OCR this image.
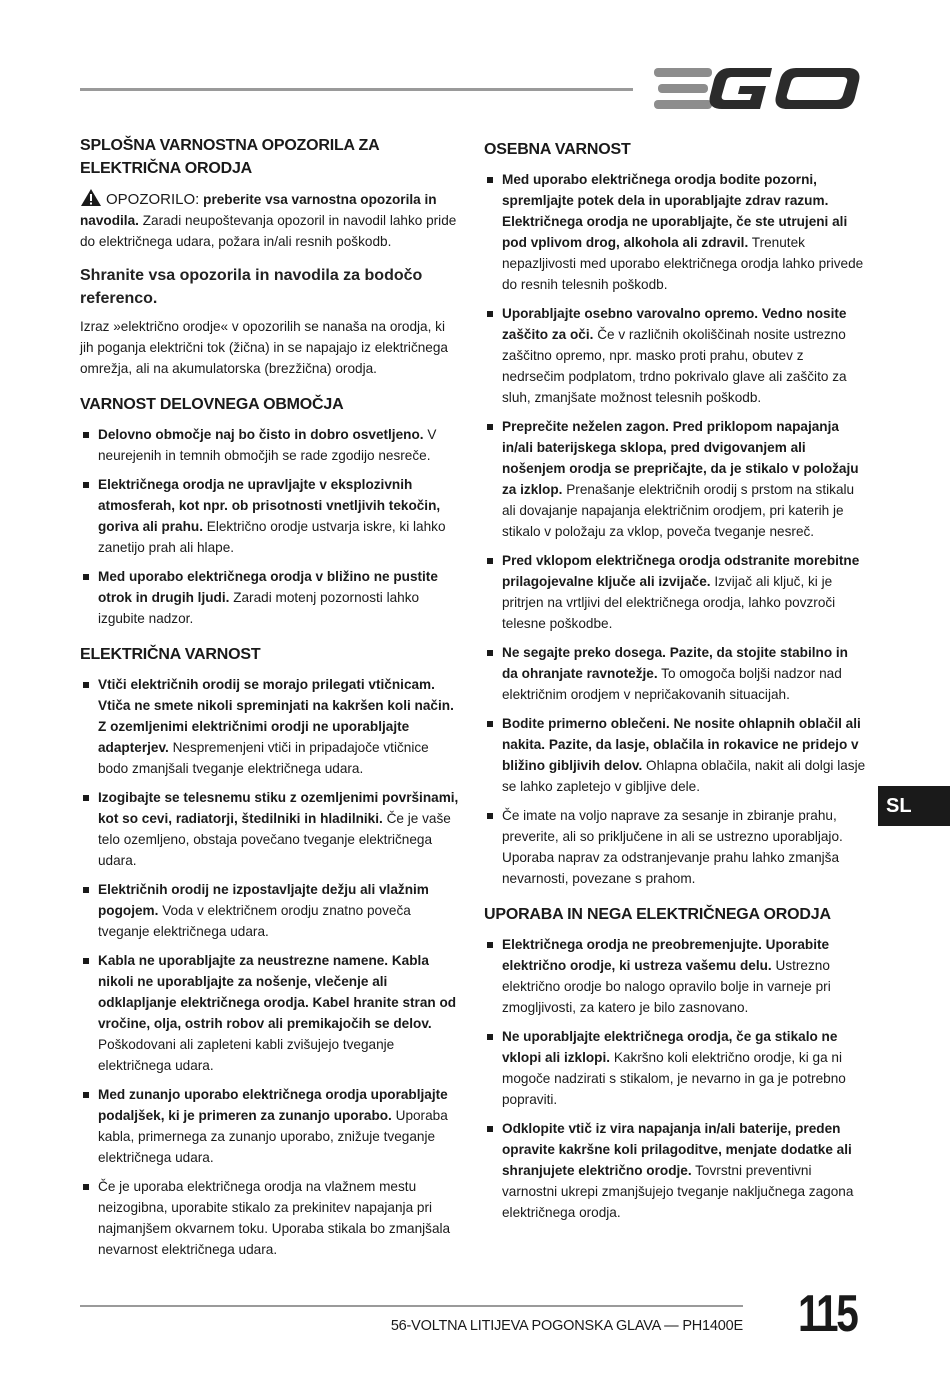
SPLOŠNA VARNOSTNA OPOZORILA ZA ELEKTRIČNA ORODJA

OPOZORILO: preberite vsa varnostna opozorila in navodila. Zaradi neupoštevanja opozoril in navodil lahko pride do električnega udara, požara in/ali resnih poškodb.

Shranite vsa opozorila in navodila za bodočo referenco.

Izraz »električno orodje« v opozorilih se nanaša na orodja, ki jih poganja električni tok (žična) in se napajajo iz električnega omrežja, ali na akumulatorska (brezžična) orodja.

VARNOST DELOVNEGA OBMOČJA
Delovno območje naj bo čisto in dobro osvetljeno. V neurejenih in temnih območjih se rade zgodijo nesreče.
Električnega orodja ne upravljajte v eksplozivnih atmosferah, kot npr. ob prisotnosti vnetljivih tekočin, goriva ali prahu. Električno orodje ustvarja iskre, ki lahko zanetijo prah ali hlape.
Med uporabo električnega orodja v bližino ne pustite otrok in drugih ljudi. Zaradi motenj pozornosti lahko izgubite nadzor.
ELEKTRIČNA VARNOST
Vtiči električnih orodij se morajo prilegati vtičnicam. Vtiča ne smete nikoli spreminjati na kakršen koli način. Z ozemljenimi električnimi orodji ne uporabljajte adapterjev. Nespremenjeni vtiči in pripadajoče vtičnice bodo zmanjšali tveganje električnega udara.
Izogibajte se telesnemu stiku z ozemljenimi površinami, kot so cevi, radiatorji, štedilniki in hladilniki. Če je vaše telo ozemljeno, obstaja povečano tveganje električnega udara.
Električnih orodij ne izpostavljajte dežju ali vlažnim pogojem. Voda v električnem orodju znatno poveča tveganje električnega udara.
Kabla ne uporabljajte za neustrezne namene. Kabla nikoli ne uporabljajte za nošenje, vlečenje ali odklapljanje električnega orodja. Kabel hranite stran od vročine, olja, ostrih robov ali premikajočih se delov. Poškodovani ali zapleteni kabli zvišujejo tveganje električnega udara.
Med zunanjo uporabo električnega orodja uporabljajte podaljšek, ki je primeren za zunanjo uporabo. Uporaba kabla, primernega za zunanjo uporabo, znižuje tveganje električnega udara.
Če je uporaba električnega orodja na vlažnem mestu neizogibna, uporabite stikalo za prekinitev napajanja pri najmanjšem okvarnem toku. Uporaba stikala bo zmanjšala nevarnost električnega udara.
OSEBNA VARNOST
Med uporabo električnega orodja bodite pozorni, spremljajte potek dela in uporabljajte zdrav razum. Električnega orodja ne uporabljajte, če ste utrujeni ali pod vplivom drog, alkohola ali zdravil. Trenutek nepazljivosti med uporabo električnega orodja lahko privede do resnih telesnih poškodb.
Uporabljajte osebno varovalno opremo. Vedno nosite zaščito za oči. Če v različnih okoliščinah nosite ustrezno zaščitno opremo, npr. masko proti prahu, obutev z nedrsečim podplatom, trdno pokrivalo glave ali zaščito za sluh, zmanjšate možnost telesnih poškodb.
Preprečite neželen zagon. Pred priklopom napajanja in/ali baterijskega sklopa, pred dvigovanjem ali nošenjem orodja se prepričajte, da je stikalo v položaju za izklop. Prenašanje električnih orodij s prstom na stikalu ali dovajanje napajanja električnim orodjem, pri katerih je stikalo v položaju za vklop, poveča tveganje nesreč.
Pred vklopom električnega orodja odstranite morebitne prilagojevalne ključe ali izvijače. Izvijač ali ključ, ki je pritrjen na vrtljivi del električnega orodja, lahko povzroči telesne poškodbe.
Ne segajte preko dosega. Pazite, da stojite stabilno in da ohranjate ravnotežje. To omogoča boljši nadzor nad električnim orodjem v nepričakovanih situacijah.
Bodite primerno oblečeni. Ne nosite ohlapnih oblačil ali nakita. Pazite, da lasje, oblačila in rokavice ne pridejo v bližino gibljivih delov. Ohlapna oblačila, nakit ali dolgi lasje se lahko zapletejo v gibljive dele.
Če imate na voljo naprave za sesanje in zbiranje prahu, preverite, ali so priključene in ali se ustrezno uporabljajo. Uporaba naprav za odstranjevanje prahu lahko zmanjša nevarnosti, povezane s prahom.
UPORABA IN NEGA ELEKTRIČNEGA ORODJA
Električnega orodja ne preobremenjujte. Uporabite električno orodje, ki ustreza vašemu delu. Ustrezno električno orodje bo nalogo opravilo bolje in varneje pri zmogljivosti, za katero je bilo zasnovano.
Ne uporabljajte električnega orodja, če ga stikalo ne vklopi ali izklopi. Kakršno koli električno orodje, ki ga ni mogoče nadzirati s stikalom, je nevarno in ga je potrebno popraviti.
Odklopite vtič iz vira napajanja in/ali baterije, preden opravite kakršne koli prilagoditve, menjate dodatke ali shranjujete električno orodje. Tovrstni preventivni varnostni ukrepi zmanjšujejo tveganje naključnega zagona električnega orodja.
SL
56-VOLTNA LITIJEVA POGONSKA GLAVA — PH1400E 115
